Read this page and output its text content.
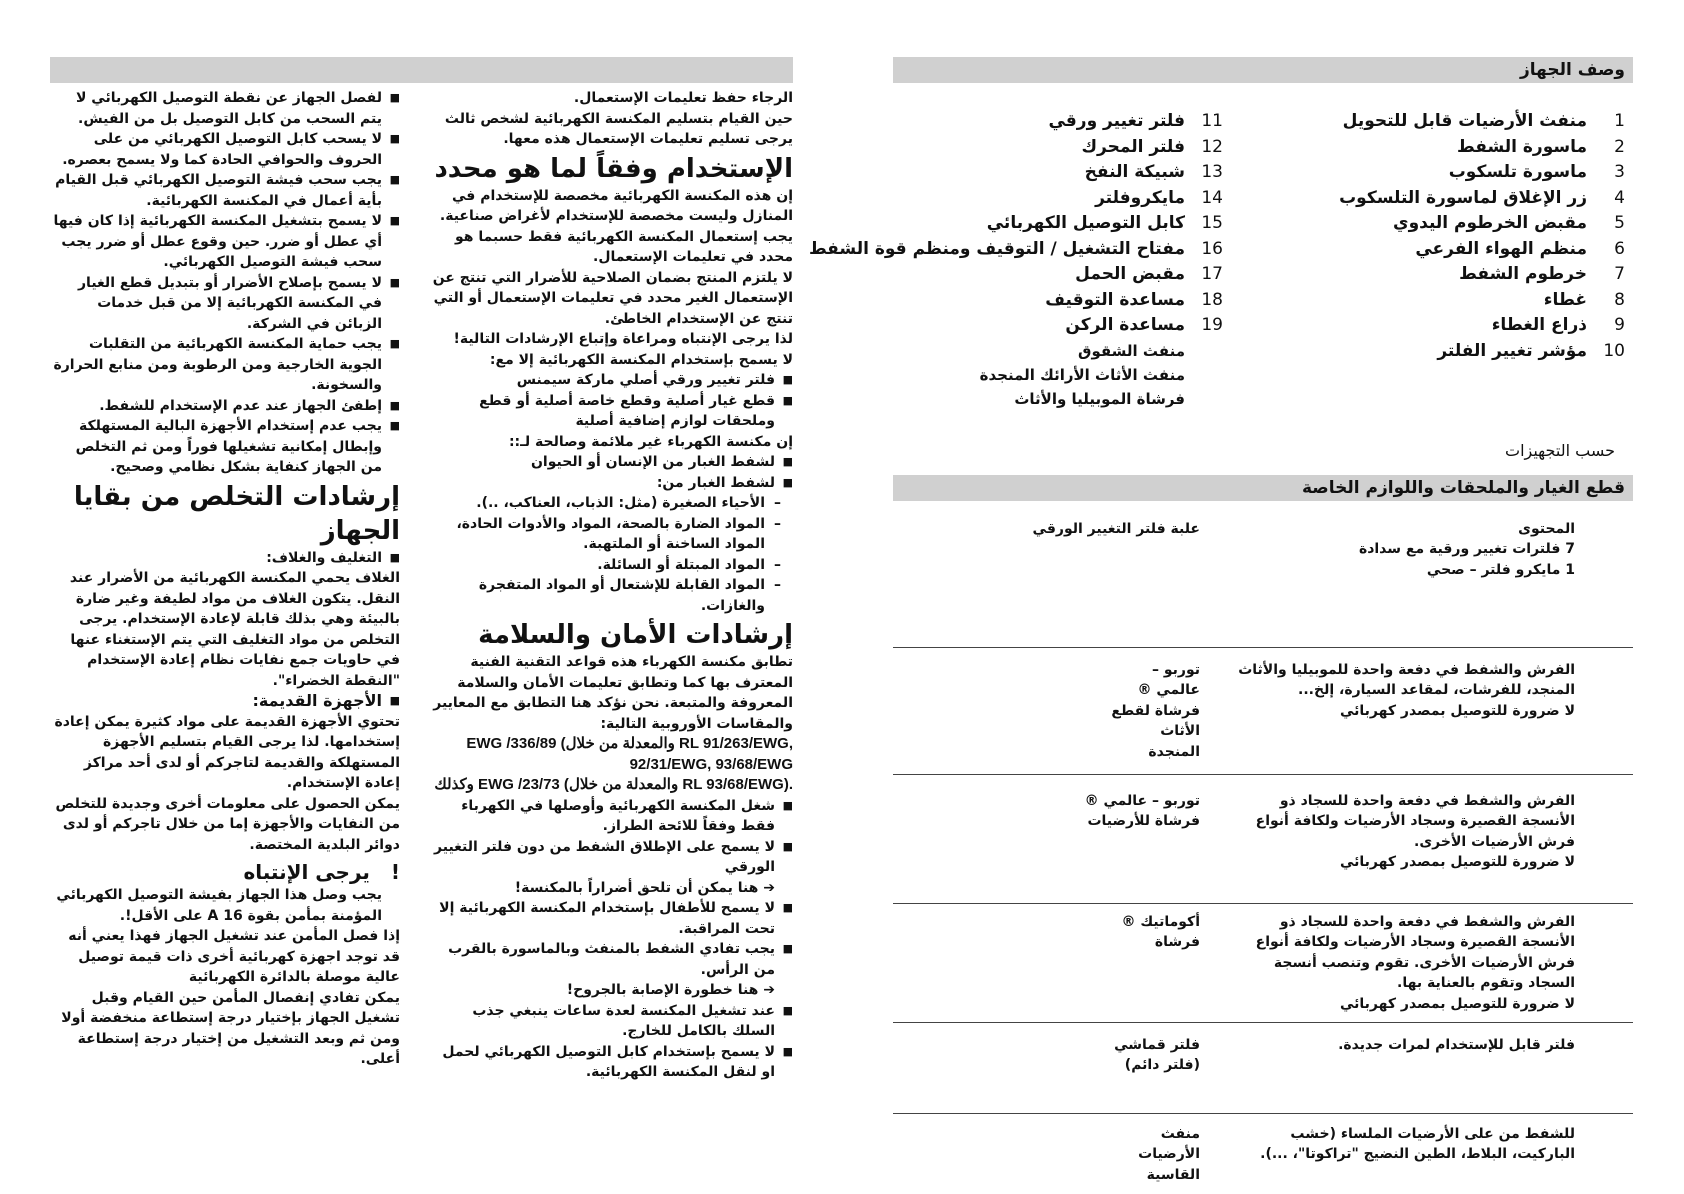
■ لفصل الجهاز عن نقطة التوصيل الكهربائي لا يتم السحب من كابل التوصيل بل من الفيش.
■ لا يسحب كابل التوصيل الكهربائي من على الحروف والحوافي الحادة كما ولا يسمح بعصره.
■ يجب سحب فيشة التوصيل الكهربائي قبل القيام بأية أعمال في المكنسة الكهربائية.
■ لا يسمح بتشغيل المكنسة الكهربائية إذا كان فيها أي عطل أو ضرر. حين وقوع عطل أو ضرر يجب سحب فيشة التوصيل الكهربائي.
■ لا يسمح بإصلاح الأضرار أو بتبديل قطع الغيار في المكنسة الكهربائية إلا من قبل خدمات الزبائن في الشركة.
■ يجب حماية المكنسة الكهربائية من التقلبات الجوية الخارجية ومن الرطوبة ومن منابع الحرارة والسخونة.
■ إطفئ الجهاز عند عدم الإستخدام للشفط.
■ يجب عدم إستخدام الأجهزة البالية المستهلكة وإبطال إمكانية تشغيلها فوراً ومن ثم التخلص من الجهاز كنفاية بشكل نظامي وصحيح.
إرشادات التخلص من بقايا الجهاز
■ التغليف والغلاف:

الغلاف يحمي المكنسة الكهربائية من الأضرار عند النقل. يتكون الغلاف من مواد لطيفة وغير ضارة بالبيئة وهي بذلك قابلة لإعادة الإستخدام. يرجى التخلص من مواد التغليف التي يتم الإستغناء عنها في حاويات جمع نفايات نظام إعادة الإستخدام "النقطة الخضراء".

■ الأجهزة القديمة:

تحتوي الأجهزة القديمة على مواد كثيرة يمكن إعادة إستخدامها. لذا يرجى القيام بتسليم الأجهزة المستهلكة والقديمة لتاجركم أو لدى أحد مراكز إعادة الإستخدام.

يمكن الحصول على معلومات أخرى وجديدة للتخلص من النفايات والأجهزة إما من خلال تاجركم أو لدى دوائر البلدية المختصة.

! يرجى الإنتباه

يجب وصل هذا الجهاز بفيشة التوصيل الكهربائي المؤمنة بمأمن بقوة 16 A على الأقل!.

إذا فصل المأمن عند تشغيل الجهاز فهذا يعني أنه قد توجد اجهزة كهربائية أخرى ذات قيمة توصيل عالية موصلة بالدائرة الكهربائية

يمكن تفادي إنفصال المأمن حين القيام وقبل تشغيل الجهاز بإختيار درجة إستطاعة منخفضة أولا ومن ثم وبعد التشغيل من إختيار درجة إستطاعة أعلى.

الرجاء حفظ تعليمات الإستعمال.

حين القيام بتسليم المكنسة الكهربائية لشخص ثالث يرجى تسليم تعليمات الإستعمال هذه معها.

الإستخدام وفقاً لما هو محدد

إن هذه المكنسة الكهربائية مخصصة للإستخدام في المنازل وليست مخصصة للإستخدام لأغراض صناعية.

يجب إستعمال المكنسة الكهربائية فقط حسبما هو محدد في تعليمات الإستعمال.

لا يلتزم المنتج بضمان الصلاحية للأضرار التي تنتج عن الإستعمال الغير محدد في تعليمات الإستعمال أو التي تنتج عن الإستخدام الخاطئ.

لذا يرجى الإنتباه ومراعاة وإتباع الإرشادات التالية!

لا يسمح بإستخدام المكنسة الكهربائية إلا مع:

■ فلتر تغيير ورقي أصلي ماركة سيمنس
■ قطع غيار أصلية وقطع خاصة أصلية أو قطع وملحقات لوازم إضافية أصلية

إن مكنسة الكهرباء غير ملائمة وصالحة لـ::

■ لشفط الغبار من الإنسان أو الحيوان
■ لشفط الغبار من:
– الأحياء الصغيرة (مثل: الذباب، العناكب، ..).
– المواد الضارة بالصحة، المواد والأدوات الحادة، المواد الساخنة أو الملتهبة.
– المواد المبتلة أو السائلة.
– المواد القابلة للإشتعال أو المواد المتفجرة والغازات.
إرشادات الأمان والسلامة

تطابق مكنسة الكهرباء هذه قواعد التقنية الفنية المعترف بها كما وتطابق تعليمات الأمان والسلامة المعروفة والمتبعة. نحن نؤكد هنا التطابق مع المعايير والمقاسات الأوروبية التالية:

EWG /336/89 (والمعدلة من خلال RL 91/263/EWG, 92/31/EWG, 93/68/EWG

وكذلك EWG /23/73 (والمعدلة من خلال RL 93/68/EWG).

■ شغل المكنسة الكهربائية وأوصلها في الكهرباء فقط وفقاً للائحة الطراز.
■ لا يسمح على الإطلاق الشفط من دون فلتر التغيير الورقي
➔ هنا يمكن أن تلحق أضراراً بالمكنسة!
■ لا يسمح للأطفال بإستخدام المكنسة الكهربائية إلا تحت المراقبة.
■ يجب تفادي الشفط بالمنفث وبالماسورة بالقرب من الرأس.
➔ هنا خطورة الإصابة بالجروح!
■ عند تشغيل المكنسة لعدة ساعات ينبغي جذب السلك بالكامل للخارج.
■ لا يسمح بإستخدام كابل التوصيل الكهربائي لحمل او لنقل المكنسة الكهربائية.
وصف الجهاز
1
منفث الأرضيات قابل للتحويل
2
ماسورة الشفط
3
ماسورة تلسكوب
4
زر الإغلاق لماسورة التلسكوب
5
مقبض الخرطوم اليدوي
6
منظم الهواء الفرعي
7
خرطوم الشفط
8
غطاء
9
ذراع الغطاء
10
مؤشر تغيير الفلتر
11
فلتر تغيير ورقي
12
فلتر المحرك
13
شبيكة النفخ
14
مايكروفلتر
15
كابل التوصيل الكهربائي
16
مفتاح التشغيل / التوقيف ومنظم قوة الشفط
17
مقبض الحمل
18
مساعدة التوقيف
19
مساعدة الركن
منفث الشقوق
منفث الأثاث الأرائك المنجدة
فرشاة الموبيليا والأثاث
حسب التجهيزات
قطع الغيار والملحقات واللوازم الخاصة
المحتوى
7 فلترات تغيير ورقية مع سدادة
1 مايكرو فلتر – صحي
علبة فلتر التغيير الورقي
الفرش والشفط في دفعة واحدة للموبيليا والأثاث المنجد، للفرشات، لمقاعد السيارة، إلخ...
لا ضرورة للتوصيل بمصدر كهربائي
توربو – عالمي ®
فرشاة لقطع الأثاث المنجدة
الفرش والشفط في دفعة واحدة للسجاد ذو الأنسجة القصيرة وسجاد الأرضيات ولكافة أنواع فرش الأرضيات الأخرى.
لا ضرورة للتوصيل بمصدر كهربائي
توربو – عالمي ®
فرشاة للأرضيات
الفرش والشفط في دفعة واحدة للسجاد ذو الأنسجة القصيرة وسجاد الأرضيات ولكافة أنواع فرش الأرضيات الأخرى. تقوم وتنصب أنسجة السجاد وتقوم بالعناية بها.
لا ضرورة للتوصيل بمصدر كهربائي
أكوماتيك ®
فرشاة
فلتر قابل للإستخدام لمرات جديدة.
فلتر قماشي
(فلتر دائم)
للشفط من على الأرضيات الملساء (خشب الباركيت، البلاط، الطين النضيج "تراكوتا"، ...).
منفث الأرضيات القاسية
